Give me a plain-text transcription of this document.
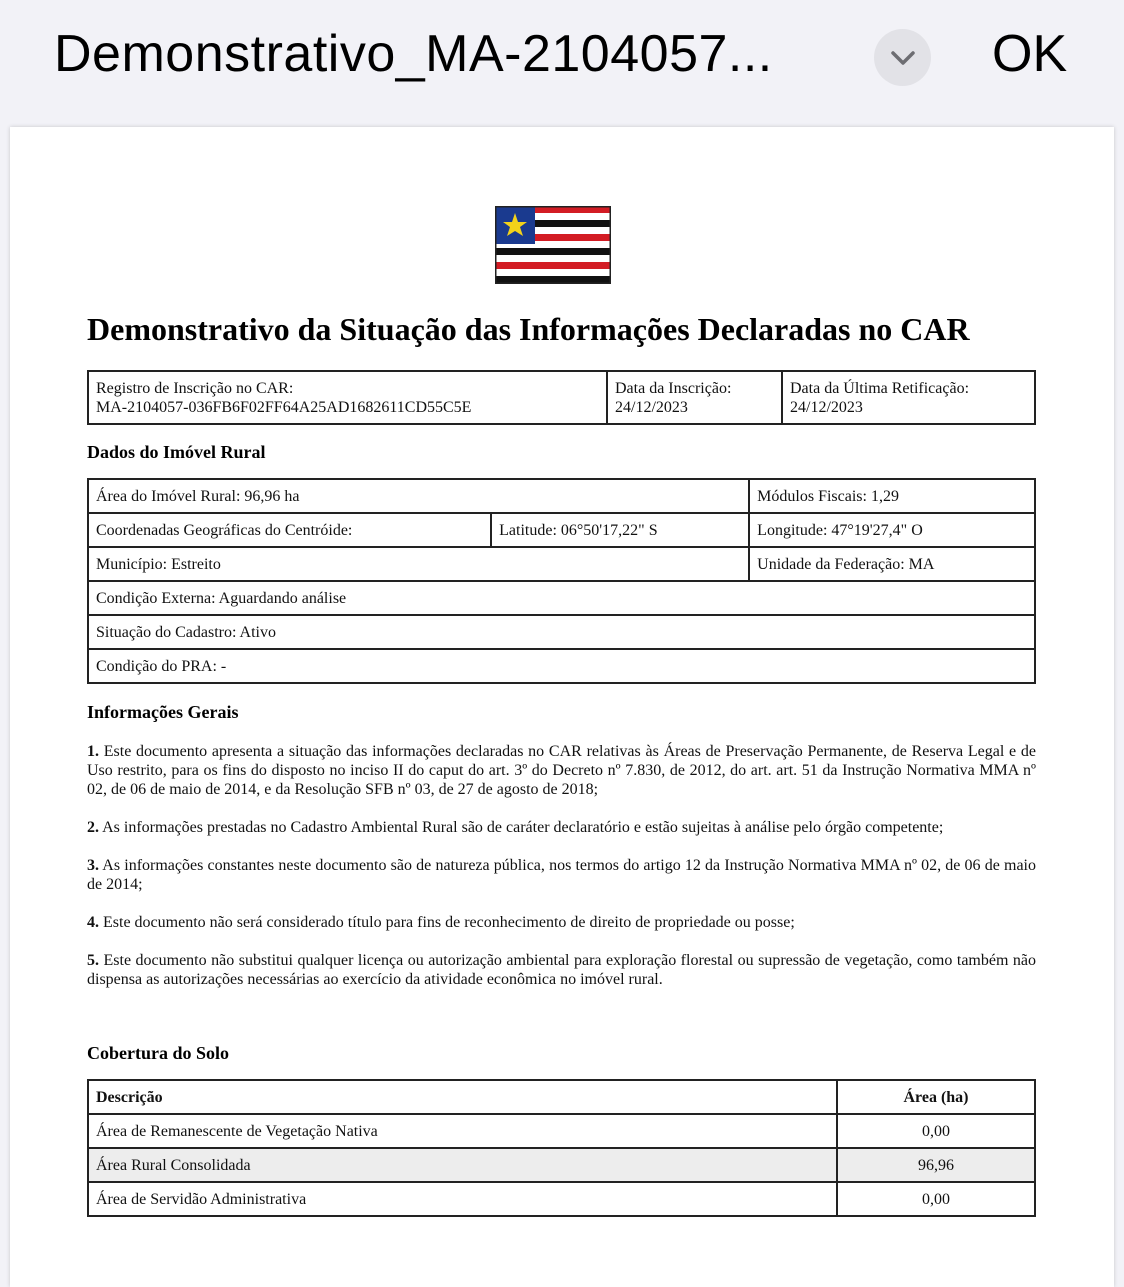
Demonstrativo_MA-2104057...	OK
Demonstrativo da Situação das Informações Declaradas no CAR
Registro de Inscrição no CAR:
MA-2104057-036FB6F02FF64A25AD1682611CD55C5E

Data da Inscrição:
24/12/2023

Data da Última Retificação:
24/12/2023
Dados do Imóvel Rural
Área do Imóvel Rural: 96,96 ha		Módulos Fiscais: 1,29
Coordenadas Geográficas do Centróide:	Latitude: 06°50'17,22" S	Longitude: 47°19'27,4" O
Município: Estreito		Unidade da Federação: MA
Condição Externa: Aguardando análise		
Situação do Cadastro: Ativo		
Condição do PRA: -		
Informações Gerais
1. Este documento apresenta a situação das informações declaradas no CAR relativas às Áreas de Preservação Permanente, de Reserva Legal e de Uso restrito, para os fins do disposto no inciso II do caput do art. 3º do Decreto nº 7.830, de 2012, do art. art. 51 da Instrução Normativa MMA nº 02, de 06 de maio de 2014, e da Resolução SFB nº 03, de 27 de agosto de 2018;
2. As informações prestadas no Cadastro Ambiental Rural são de caráter declaratório e estão sujeitas à análise pelo órgão competente;
3. As informações constantes neste documento são de natureza pública, nos termos do artigo 12 da Instrução Normativa MMA nº 02, de 06 de maio de 2014;
4. Este documento não será considerado título para fins de reconhecimento de direito de propriedade ou posse;
5. Este documento não substitui qualquer licença ou autorização ambiental para exploração florestal ou supressão de vegetação, como também não dispensa as autorizações necessárias ao exercício da atividade econômica no imóvel rural.
Cobertura do Solo
Descrição	Área (ha)
Área de Remanescente de Vegetação Nativa	0,00
Área Rural Consolidada	96,96
Área de Servidão Administrativa	0,00
